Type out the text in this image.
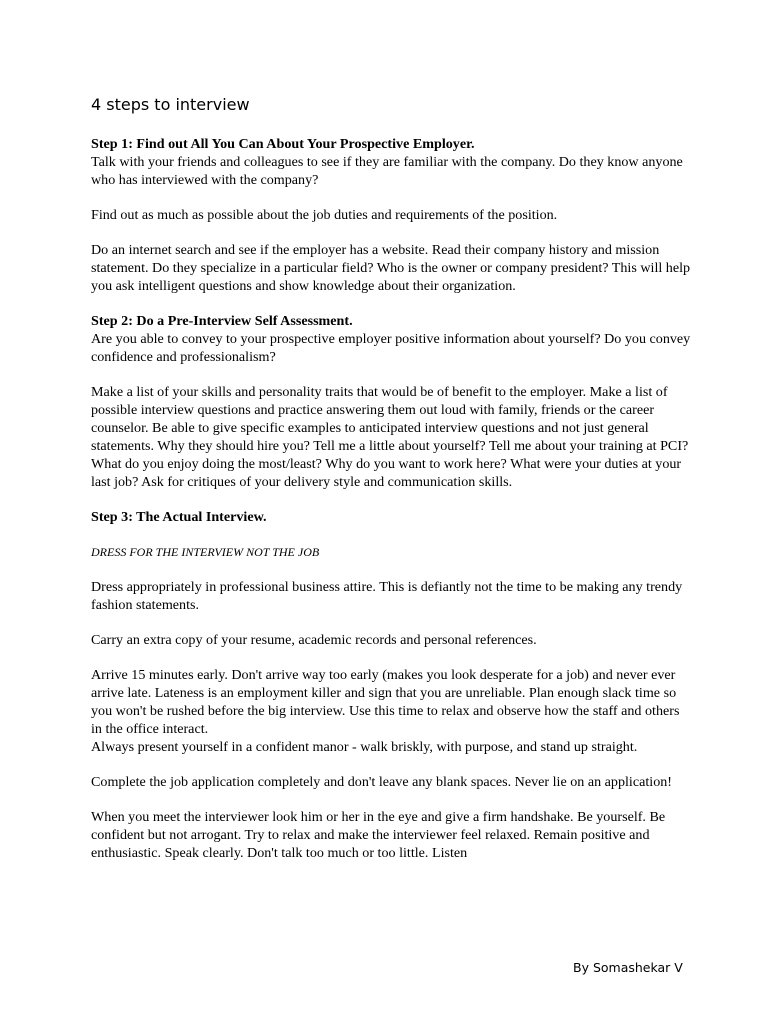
4 steps to interview

Step 1: Find out All You Can About Your Prospective Employer.
Talk with your friends and colleagues to see if they are familiar with the company. Do they know anyone who has interviewed with the company?

Find out as much as possible about the job duties and requirements of the position.

Do an internet search and see if the employer has a website. Read their company history and mission statement. Do they specialize in a particular field? Who is the owner or company president? This will help you ask intelligent questions and show knowledge about their organization.

Step 2: Do a Pre-Interview Self Assessment.
Are you able to convey to your prospective employer positive information about yourself? Do you convey confidence and professionalism?

Make a list of your skills and personality traits that would be of benefit to the employer. Make a list of possible interview questions and practice answering them out loud with family, friends or the career counselor. Be able to give specific examples to anticipated interview questions and not just general statements. Why they should hire you? Tell me a little about yourself? Tell me about your training at PCI? What do you enjoy doing the most/least? Why do you want to work here? What were your duties at your last job? Ask for critiques of your delivery style and communication skills.

Step 3: The Actual Interview.

DRESS FOR THE INTERVIEW NOT THE JOB

Dress appropriately in professional business attire. This is defiantly not the time to be making any trendy fashion statements.

Carry an extra copy of your resume, academic records and personal references.

Arrive 15 minutes early. Don't arrive way too early (makes you look desperate for a job) and never ever arrive late. Lateness is an employment killer and sign that you are unreliable. Plan enough slack time so you won't be rushed before the big interview. Use this time to relax and observe how the staff and others in the office interact.
Always present yourself in a confident manor - walk briskly, with purpose, and stand up straight.

Complete the job application completely and don't leave any blank spaces. Never lie on an application!

When you meet the interviewer look him or her in the eye and give a firm handshake. Be yourself. Be confident but not arrogant. Try to relax and make the interviewer feel relaxed. Remain positive and enthusiastic. Speak clearly. Don't talk too much or too little. Listen

By Somashekar V
